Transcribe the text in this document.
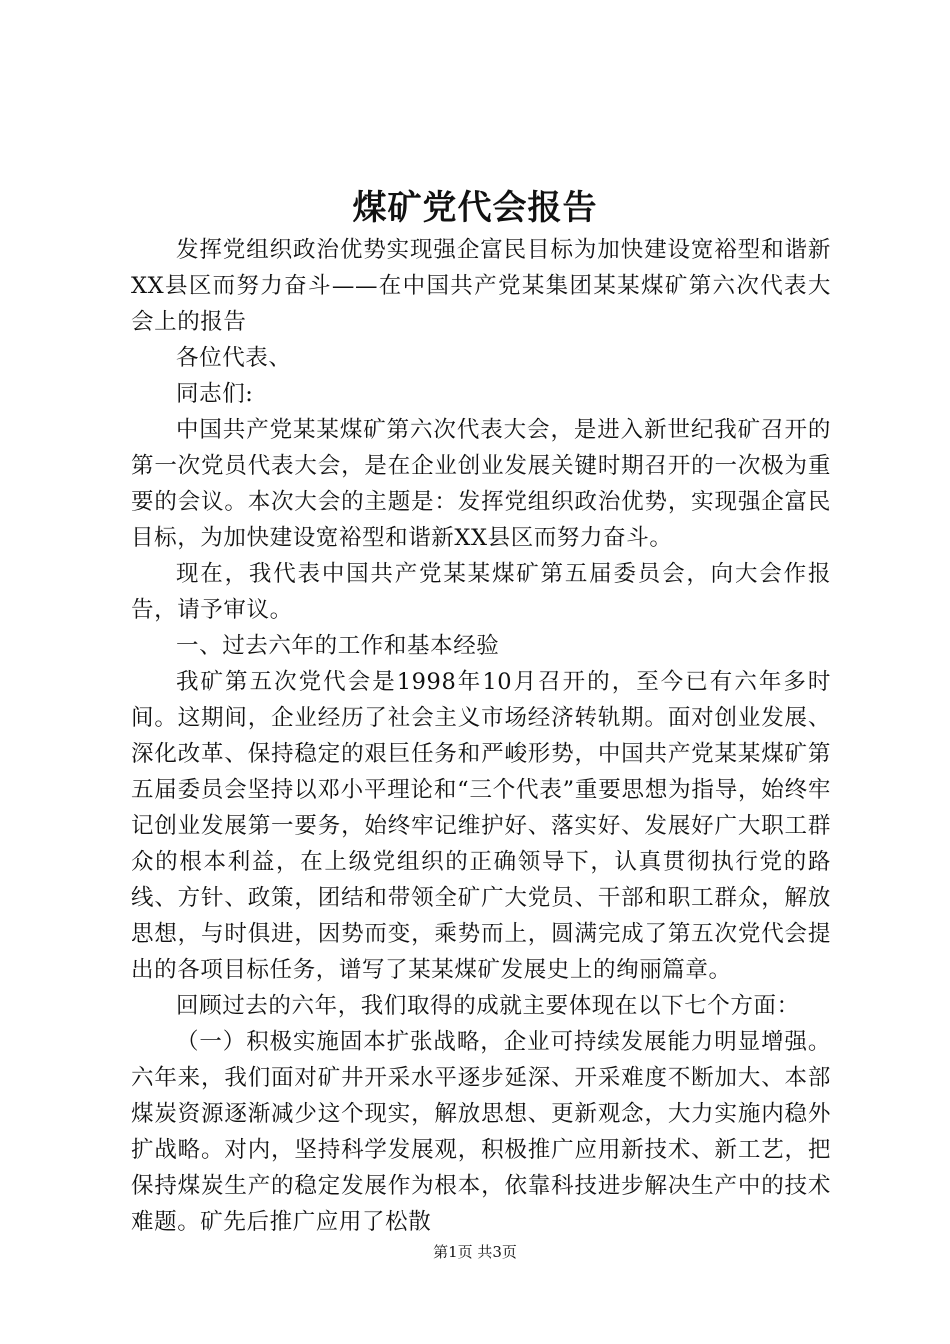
煤矿党代会报告

发挥党组织政治优势实现强企富民目标为加快建设宽裕型和谐新XX县区而努力奋斗——在中国共产党某集团某某煤矿第六次代表大会上的报告

各位代表、

同志们:

中国共产党某某煤矿第六次代表大会，是进入新世纪我矿召开的第一次党员代表大会，是在企业创业发展关键时期召开的一次极为重要的会议。本次大会的主题是：发挥党组织政治优势，实现强企富民目标，为加快建设宽裕型和谐新XX县区而努力奋斗。

现在，我代表中国共产党某某煤矿第五届委员会，向大会作报告，请予审议。

一、过去六年的工作和基本经验

我矿第五次党代会是1998年10月召开的，至今已有六年多时间。这期间，企业经历了社会主义市场经济转轨期。面对创业发展、深化改革、保持稳定的艰巨任务和严峻形势，中国共产党某某煤矿第五届委员会坚持以邓小平理论和“三个代表”重要思想为指导，始终牢记创业发展第一要务，始终牢记维护好、落实好、发展好广大职工群众的根本利益，在上级党组织的正确领导下，认真贯彻执行党的路线、方针、政策，团结和带领全矿广大党员、干部和职工群众，解放思想，与时俱进，因势而变，乘势而上，圆满完成了第五次党代会提出的各项目标任务，谱写了某某煤矿发展史上的绚丽篇章。

回顾过去的六年，我们取得的成就主要体现在以下七个方面：

（一）积极实施固本扩张战略，企业可持续发展能力明显增强。六年来，我们面对矿井开采水平逐步延深、开采难度不断加大、本部煤炭资源逐渐减少这个现实，解放思想、更新观念，大力实施内稳外扩战略。对内，坚持科学发展观，积极推广应用新技术、新工艺，把保持煤炭生产的稳定发展作为根本，依靠科技进步解决生产中的技术难题。矿先后推广应用了松散

第1页 共3页
